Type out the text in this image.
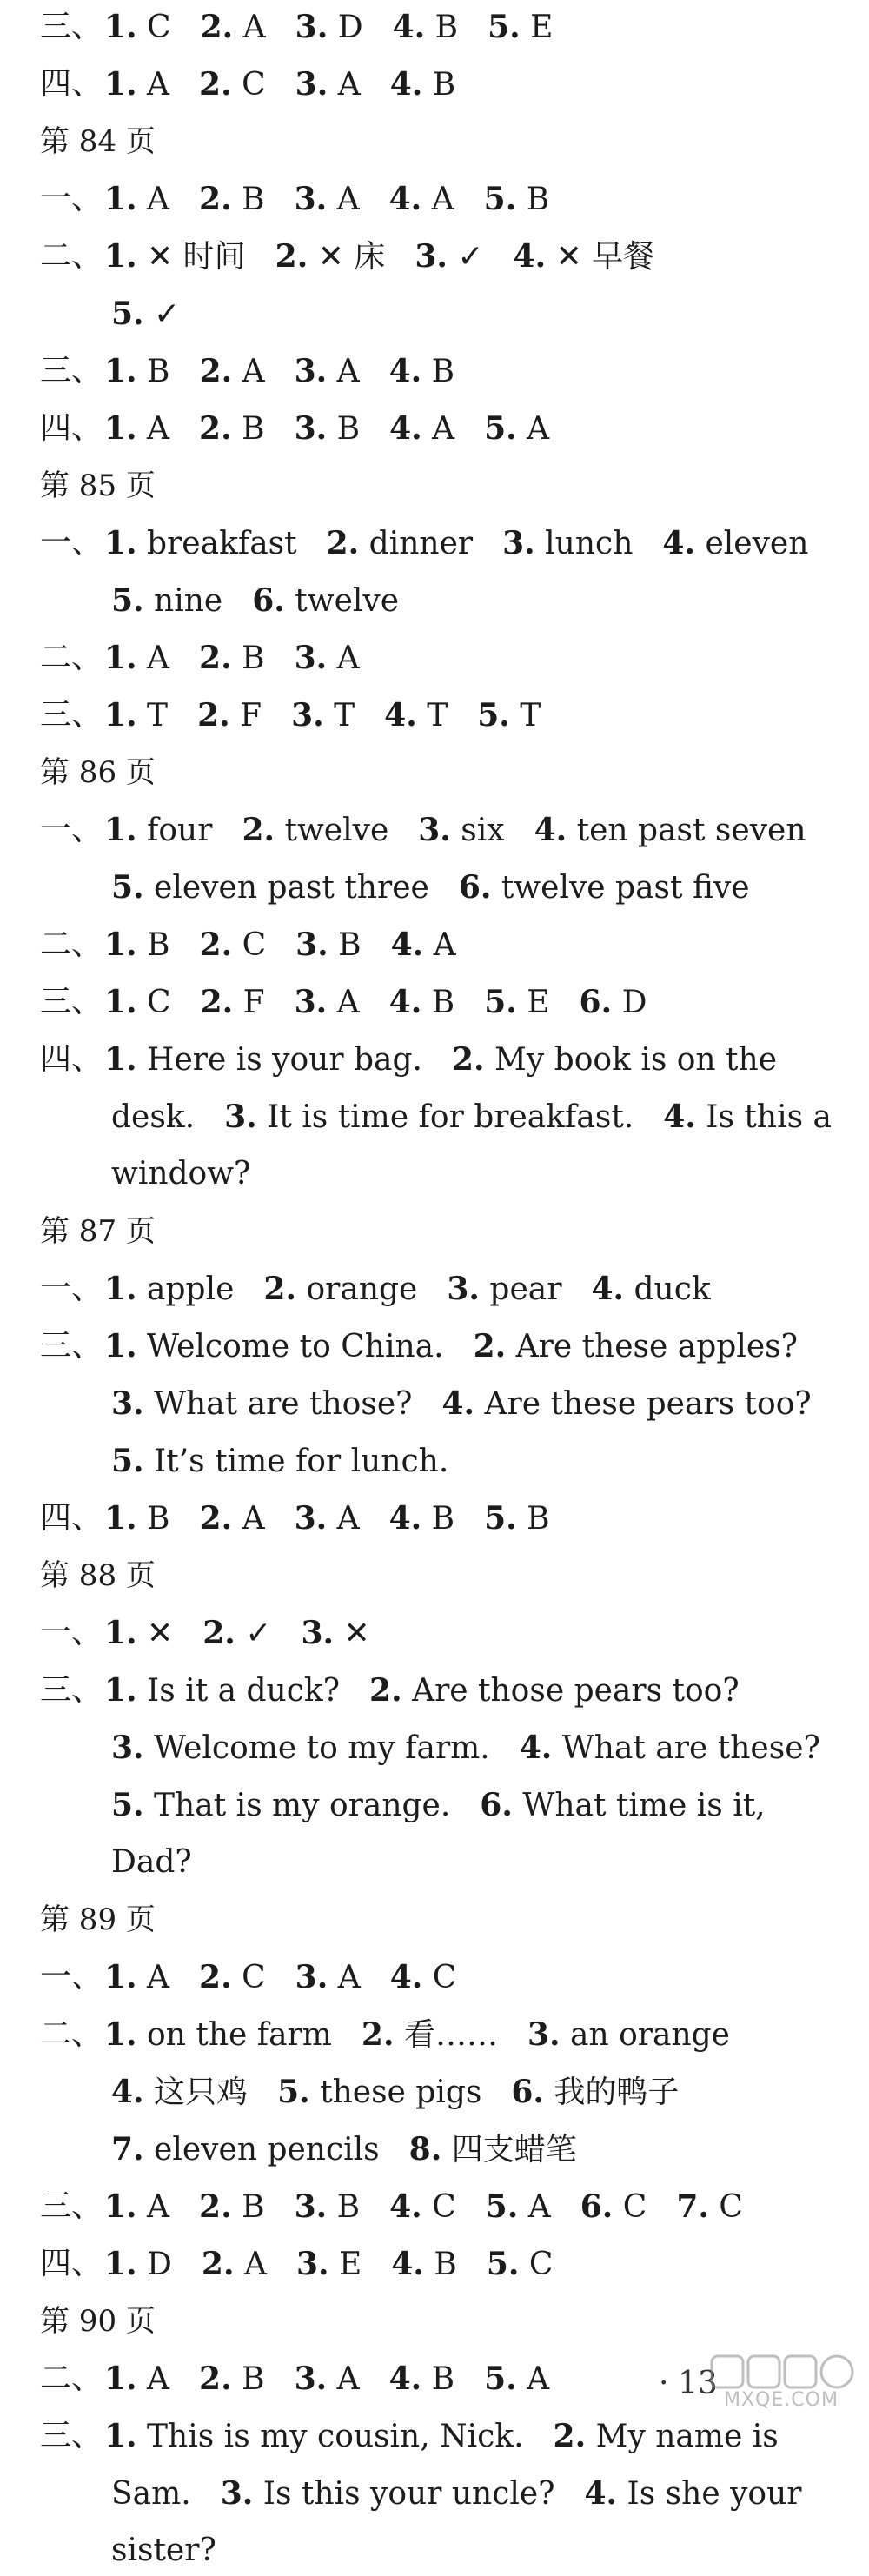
三、 1. C 2. A 3. D 4. B 5. E
四、 1. A 2. C 3. A 4. B
第 84 页
一、 1. A 2. B 3. A 4. A 5. B
二、 1. ✕ 时间 2. ✕ 床 3. ✓ 4. ✕ 早餐
5. ✓
三、 1. B 2. A 3. A 4. B
四、 1. A 2. B 3. B 4. A 5. A
第 85 页
一、 1. breakfast 2. dinner 3. lunch 4. eleven
5. nine 6. twelve
二、 1. A 2. B 3. A
三、 1. T 2. F 3. T 4. T 5. T
第 86 页
一、 1. four 2. twelve 3. six 4. ten past seven
5. eleven past three 6. twelve past five
二、 1. B 2. C 3. B 4. A
三、 1. C 2. F 3. A 4. B 5. E 6. D
四、 1. Here is your bag. 2. My book is on the
desk. 3. It is time for breakfast. 4. Is this a
window?
第 87 页
一、 1. apple 2. orange 3. pear 4. duck
三、 1. Welcome to China. 2. Are these apples?
3. What are those? 4. Are these pears too?
5. It’s time for lunch.
四、 1. B 2. A 3. A 4. B 5. B
第 88 页
一、 1. ✕ 2. ✓ 3. ✕
三、 1. Is it a duck? 2. Are those pears too?
3. Welcome to my farm. 4. What are these?
5. That is my orange. 6. What time is it,
Dad?
第 89 页
一、 1. A 2. C 3. A 4. C
二、 1. on the farm 2. 看…… 3. an orange
4. 这只鸡 5. these pigs 6. 我的鸭子
7. eleven pencils 8. 四支蜡笔
三、 1. A 2. B 3. B 4. C 5. A 6. C 7. C
四、 1. D 2. A 3. E 4. B 5. C
第 90 页
二、 1. A 2. B 3. A 4. B 5. A
三、 1. This is my cousin, Nick. 2. My name is
Sam. 3. Is this your uncle? 4. Is she your
sister?
· 13 MXQE.COM
